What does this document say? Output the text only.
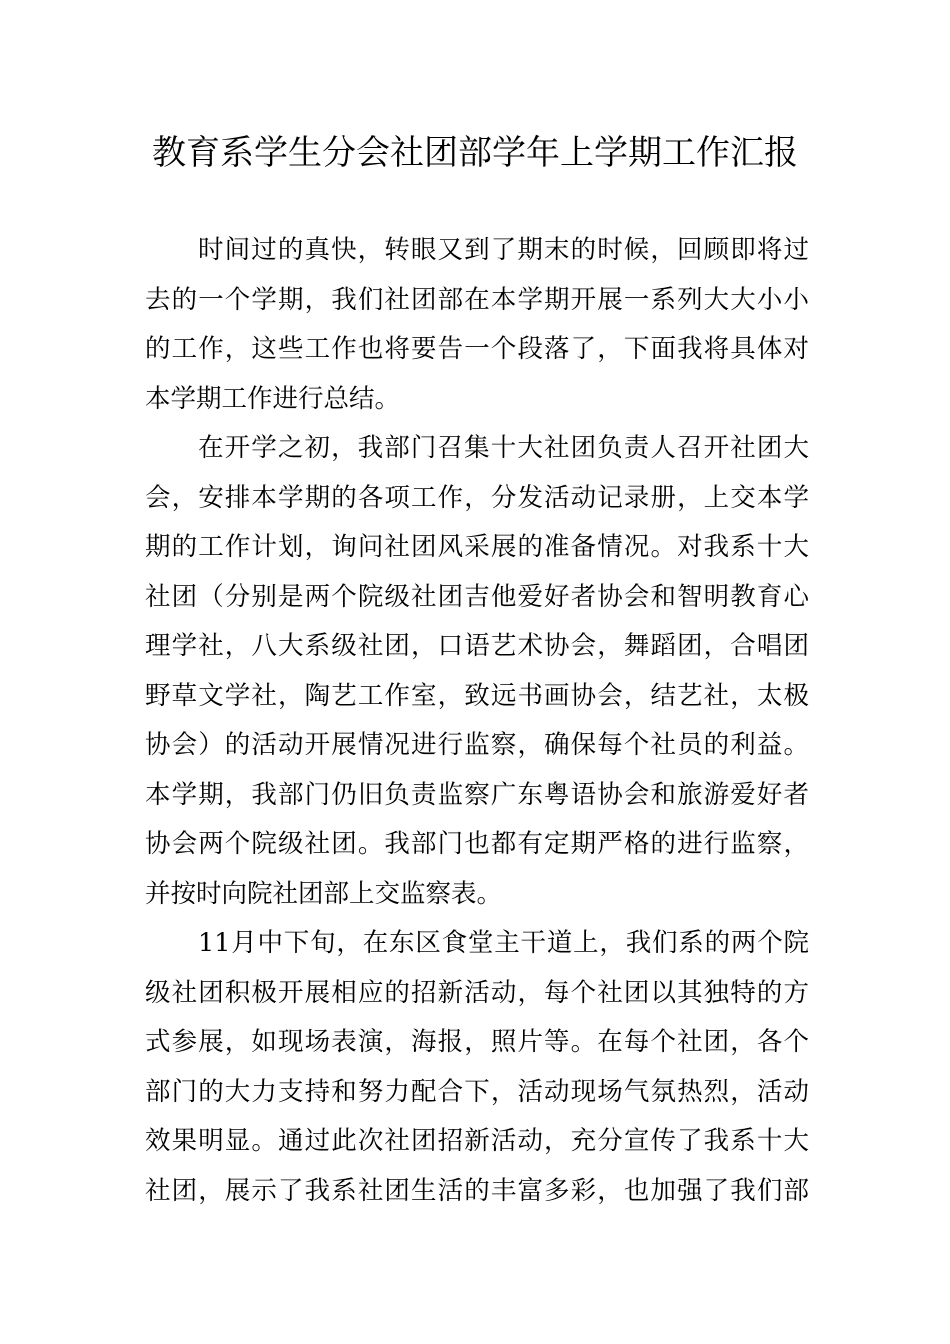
教育系学生分会社团部学年上学期工作汇报
时间过的真快，转眼又到了期末的时候，回顾即将过
去的一个学期，我们社团部在本学期开展一系列大大小小
的工作，这些工作也将要告一个段落了，下面我将具体对
本学期工作进行总结。
在开学之初，我部门召集十大社团负责人召开社团大
会，安排本学期的各项工作，分发活动记录册，上交本学
期的工作计划，询问社团风采展的准备情况。对我系十大
社团（分别是两个院级社团吉他爱好者协会和智明教育心
理学社，八大系级社团，口语艺术协会，舞蹈团，合唱团
野草文学社，陶艺工作室，致远书画协会，结艺社，太极
协会）的活动开展情况进行监察，确保每个社员的利益。
本学期，我部门仍旧负责监察广东粤语协会和旅游爱好者
协会两个院级社团。我部门也都有定期严格的进行监察，
并按时向院社团部上交监察表。
11月中下旬，在东区食堂主干道上，我们系的两个院
级社团积极开展相应的招新活动，每个社团以其独特的方
式参展，如现场表演，海报，照片等。在每个社团，各个
部门的大力支持和努力配合下，活动现场气氛热烈，活动
效果明显。通过此次社团招新活动，充分宣传了我系十大
社团，展示了我系社团生活的丰富多彩，也加强了我们部
